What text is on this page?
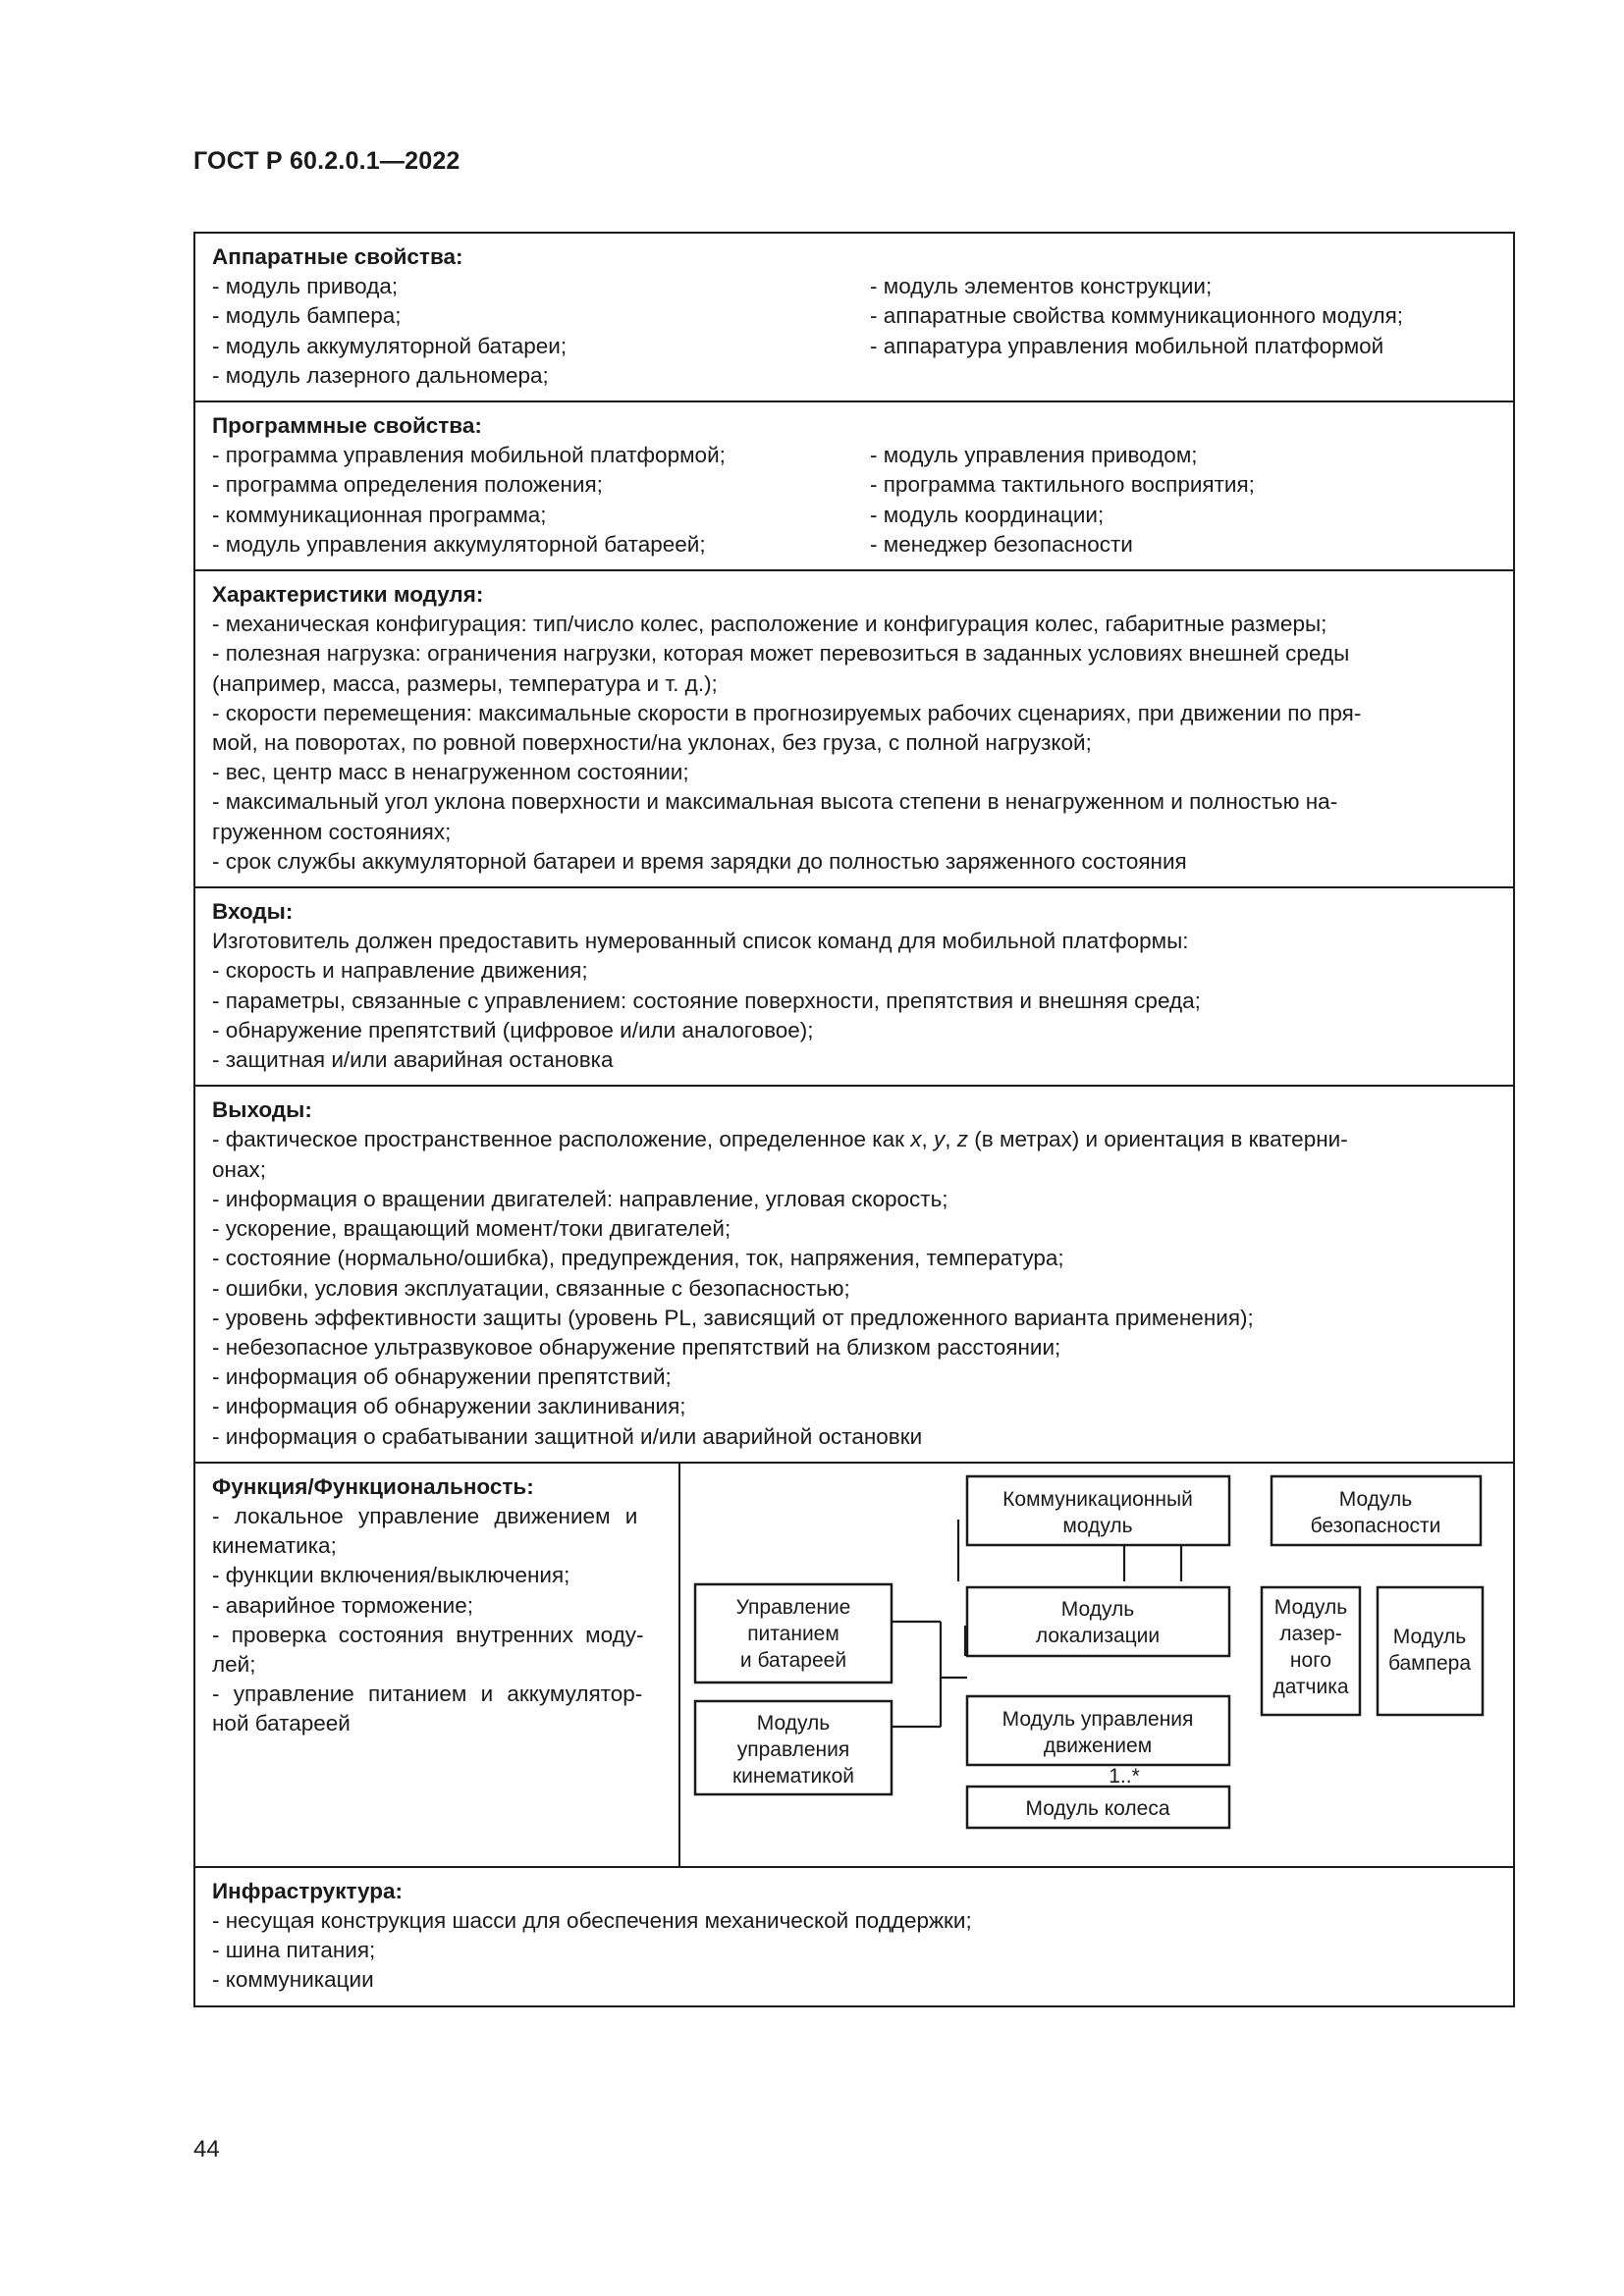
ГОСТ Р 60.2.0.1—2022
Аппаратные свойства:
- модуль привода;
- модуль бампера;
- модуль аккумуляторной батареи;
- модуль лазерного дальномера;
- модуль элементов конструкции;
- аппаратные свойства коммуникационного модуля;
- аппаратура управления мобильной платформой
Программные свойства:
- программа управления мобильной платформой;
- программа определения положения;
- коммуникационная программа;
- модуль управления аккумуляторной батареей;
- модуль управления приводом;
- программа тактильного восприятия;
- модуль координации;
- менеджер безопасности
Характеристики модуля:
- механическая конфигурация: тип/число колес, расположение и конфигурация колес, габаритные размеры;
- полезная нагрузка: ограничения нагрузки, которая может перевозиться в заданных условиях внешней среды
(например, масса, размеры, температура и т. д.);
- скорости перемещения: максимальные скорости в прогнозируемых рабочих сценариях, при движении по пря-
мой, на поворотах, по ровной поверхности/на уклонах, без груза, с полной нагрузкой;
- вес, центр масс в ненагруженном состоянии;
- максимальный угол уклона поверхности и максимальная высота степени в ненагруженном и полностью на-
груженном состояниях;
- срок службы аккумуляторной батареи и время зарядки до полностью заряженного состояния
Входы:
Изготовитель должен предоставить нумерованный список команд для мобильной платформы:
- скорость и направление движения;
- параметры, связанные с управлением: состояние поверхности, препятствия и внешняя среда;
- обнаружение препятствий (цифровое и/или аналоговое);
- защитная и/или аварийная остановка
Выходы:
- фактическое пространственное расположение, определенное как x, y, z (в метрах) и ориентация в кватерни-
онах;
- информация о вращении двигателей: направление, угловая скорость;
- ускорение, вращающий момент/токи двигателей;
- состояние (нормально/ошибка), предупреждения, ток, напряжения, температура;
- ошибки, условия эксплуатации, связанные с безопасностью;
- уровень эффективности защиты (уровень PL, зависящий от предложенного варианта применения);
- небезопасное ультразвуковое обнаружение препятствий на близком расстоянии;
- информация об обнаружении препятствий;
- информация об обнаружении заклинивания;
- информация о срабатывании защитной и/или аварийной остановки
Функция/Функциональность:
- локальное управление движением и
кинематика;
- функции включения/выключения;
- аварийное торможение;
- проверка состояния внутренних моду-
лей;
- управление питанием и аккумулятор-
ной батареей
Коммуникационный
модуль
Модуль
безопасности
Управление
питанием
и батареей
Модуль
локализации
Модуль
лазер-
ного
датчика
Модуль
бампера
Модуль управления
движением
Модуль
управления
кинематикой	1..*
Модуль колеса
Инфраструктура:
- несущая конструкция шасси для обеспечения механической поддержки;
- шина питания;
- коммуникации
44
